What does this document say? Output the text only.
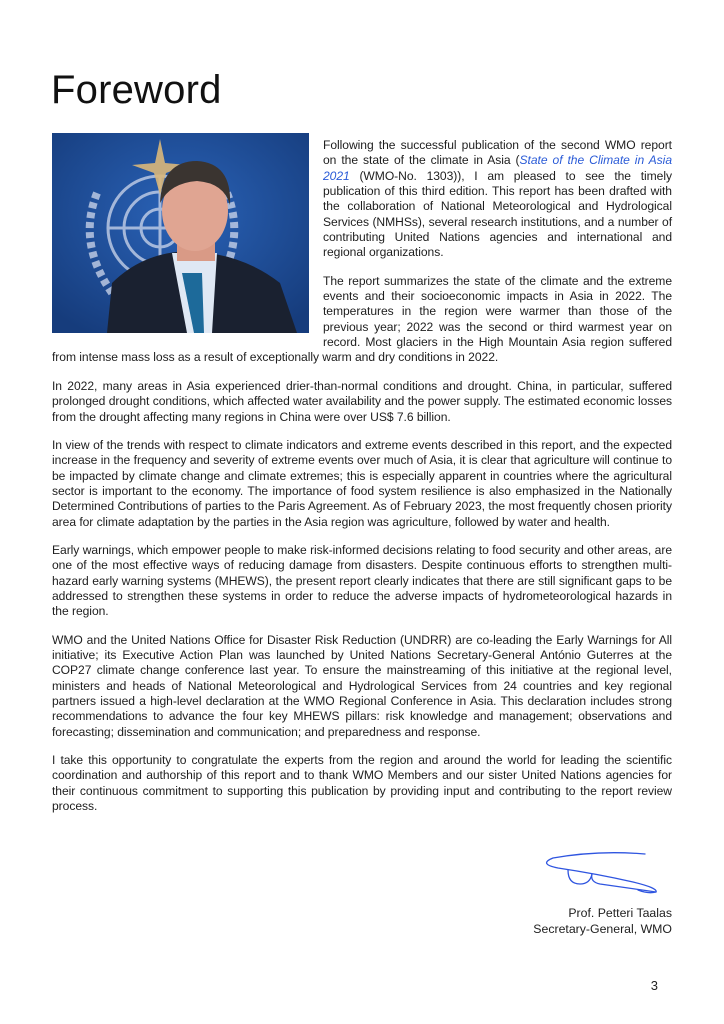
Foreword

Following the successful publication of the second WMO report on the state of the climate in Asia (State of the Climate in Asia 2021 (WMO-No. 1303)), I am pleased to see the timely publication of this third edition. This report has been drafted with the collaboration of National Meteorological and Hydrological Services (NMHSs), several research institutions, and a number of contributing United Nations agencies and international and regional organizations.

The report summarizes the state of the climate and the extreme events and their socioeconomic impacts in Asia in 2022. The temperatures in the region were warmer than those of the previous year; 2022 was the second or third warmest year on record. Most glaciers in the High Mountain Asia region suffered from intense mass loss as a result of exceptionally warm and dry conditions in 2022.

In 2022, many areas in Asia experienced drier-than-normal conditions and drought. China, in particular, suffered prolonged drought conditions, which affected water availability and the power supply. The estimated economic losses from the drought affecting many regions in China were over US$ 7.6 billion.

In view of the trends with respect to climate indicators and extreme events described in this report, and the expected increase in the frequency and severity of extreme events over much of Asia, it is clear that agriculture will continue to be impacted by climate change and climate extremes; this is especially apparent in countries where the agricultural sector is important to the economy. The importance of food system resilience is also emphasized in the Nationally Determined Contributions of parties to the Paris Agreement. As of February 2023, the most frequently chosen priority area for climate adaptation by the parties in the Asia region was agriculture, followed by water and health.

Early warnings, which empower people to make risk-informed decisions relating to food security and other areas, are one of the most effective ways of reducing damage from disasters. Despite continuous efforts to strengthen multi-hazard early warning systems (MHEWS), the present report clearly indicates that there are still significant gaps to be addressed to strengthen these systems in order to reduce the adverse impacts of hydrometeorological hazards in the region.

WMO and the United Nations Office for Disaster Risk Reduction (UNDRR) are co-leading the Early Warnings for All initiative; its Executive Action Plan was launched by United Nations Secretary-General António Guterres at the COP27 climate change conference last year. To ensure the mainstreaming of this initiative at the regional level, ministers and heads of National Meteorological and Hydrological Services from 24 countries and key regional partners issued a high-level declaration at the WMO Regional Conference in Asia. This declaration includes strong recommendations to advance the four key MHEWS pillars: risk knowledge and management; observations and forecasting; dissemination and communication; and preparedness and response.

I take this opportunity to congratulate the experts from the region and around the world for leading the scientific coordination and authorship of this report and to thank WMO Members and our sister United Nations agencies for their continuous commitment to supporting this publication by providing input and contributing to the report review process.

Prof. Petteri Taalas
Secretary-General, WMO
3
